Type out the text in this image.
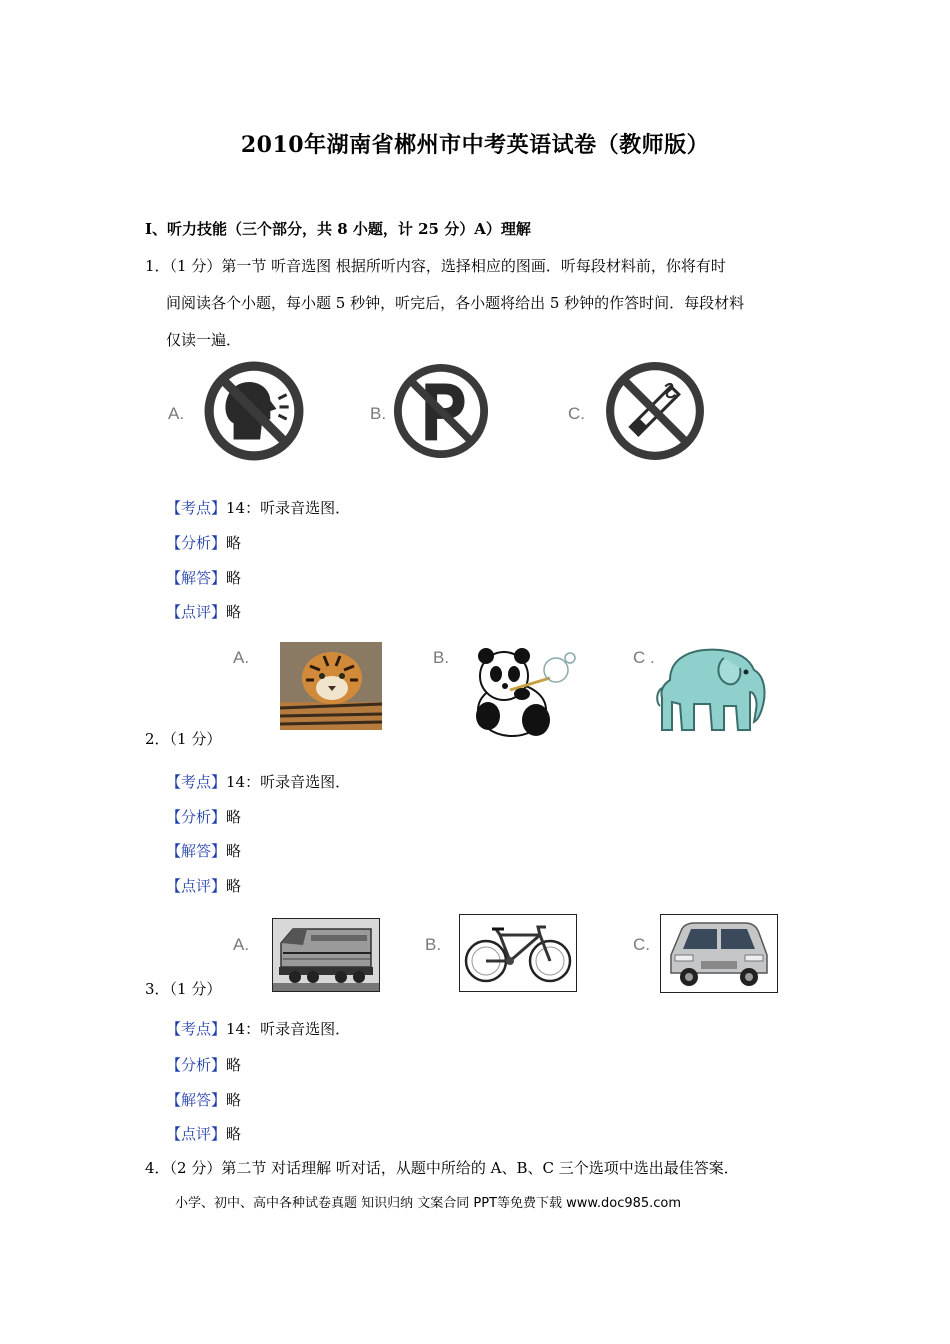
2010年湖南省郴州市中考英语试卷（教师版）
I、听力技能（三个部分，共 8 小题，计 25 分）A）理解
1．（1 分）第一节 听音选图 根据所听内容，选择相应的图画．听每段材料前，你将有时
间阅读各个小题，每小题 5 秒钟，听完后，各小题将给出 5 秒钟的作答时间．每段材料
仅读一遍．
A.	B.	C.
【考点】14：听录音选图．
【分析】略
【解答】略
【点评】略
A.	B.	C .
2．（1 分）
【考点】14：听录音选图．
【分析】略
【解答】略
【点评】略
A.	B.	C.
3．（1 分）
【考点】14：听录音选图．
【分析】略
【解答】略
【点评】略
4．（2 分）第二节 对话理解 听对话，从题中所给的 A、B、C 三个选项中选出最佳答案．
小学、初中、高中各种试卷真题 知识归纳 文案合同 PPT等免费下载 www.doc985.com
